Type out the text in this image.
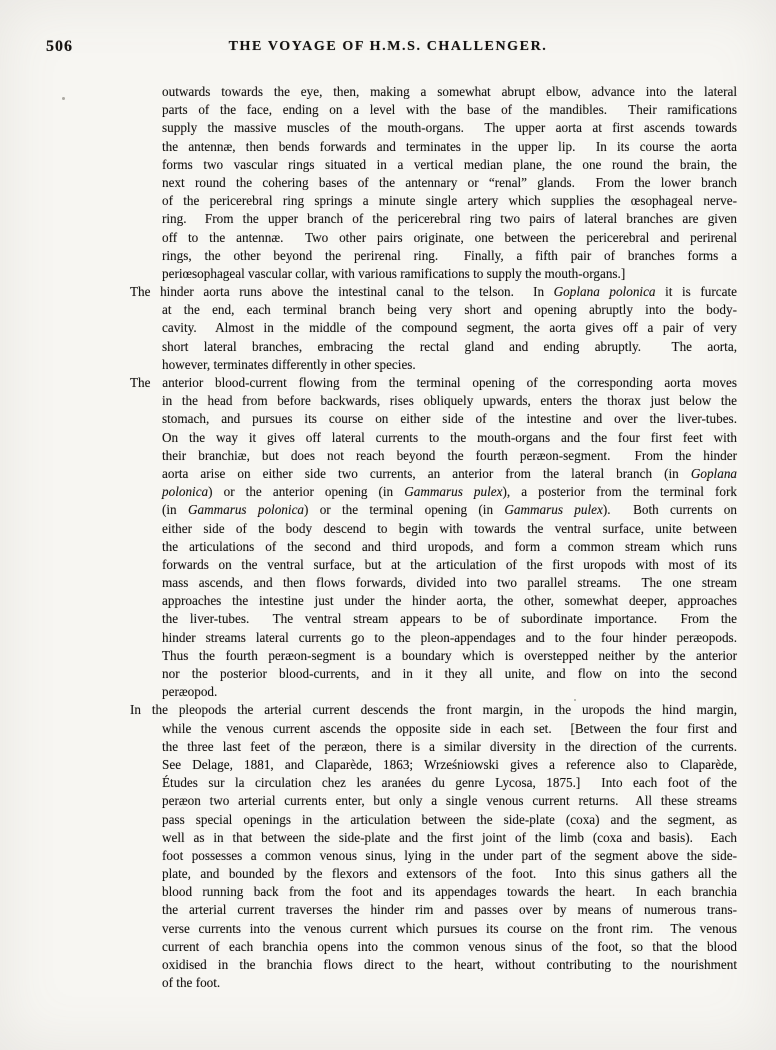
506	THE VOYAGE OF H.M.S. CHALLENGER.
outwards towards the eye, then, making a somewhat abrupt elbow, advance into the lateral
parts of the face, ending on a level with the base of the mandibles.  Their ramifications
supply the massive muscles of the mouth-organs.  The upper aorta at first ascends towards
the antennæ, then bends forwards and terminates in the upper lip.  In its course the aorta
forms two vascular rings situated in a vertical median plane, the one round the brain, the
next round the cohering bases of the antennary or “renal” glands.  From the lower branch
of the pericerebral ring springs a minute single artery which supplies the œsophageal nerve-
ring.  From the upper branch of the pericerebral ring two pairs of lateral branches are given
off to the antennæ.  Two other pairs originate, one between the pericerebral and perirenal
rings, the other beyond the perirenal ring.  Finally, a fifth pair of branches forms a
periœsophageal vascular collar, with various ramifications to supply the mouth-organs.]
The hinder aorta runs above the intestinal canal to the telson.  In Goplana polonica it is furcate
at the end, each terminal branch being very short and opening abruptly into the body-
cavity.  Almost in the middle of the compound segment, the aorta gives off a pair of very
short lateral branches, embracing the rectal gland and ending abruptly.  The aorta,
however, terminates differently in other species.
The anterior blood-current flowing from the terminal opening of the corresponding aorta moves
in the head from before backwards, rises obliquely upwards, enters the thorax just below the
stomach, and pursues its course on either side of the intestine and over the liver-tubes.
On the way it gives off lateral currents to the mouth-organs and the four first feet with
their branchiæ, but does not reach beyond the fourth peræon-segment.  From the hinder
aorta arise on either side two currents, an anterior from the lateral branch (in Goplana
polonica) or the anterior opening (in Gammarus pulex), a posterior from the terminal fork
(in Gammarus polonica) or the terminal opening (in Gammarus pulex).  Both currents on
either side of the body descend to begin with towards the ventral surface, unite between
the articulations of the second and third uropods, and form a common stream which runs
forwards on the ventral surface, but at the articulation of the first uropods with most of its
mass ascends, and then flows forwards, divided into two parallel streams.  The one stream
approaches the intestine just under the hinder aorta, the other, somewhat deeper, approaches
the liver-tubes.  The ventral stream appears to be of subordinate importance.  From the
hinder streams lateral currents go to the pleon-appendages and to the four hinder peræopods.
Thus the fourth peræon-segment is a boundary which is overstepped neither by the anterior
nor the posterior blood-currents, and in it they all unite, and flow on into the second
peræopod.
In the pleopods the arterial current descends the front margin, in the uropods the hind margin,
while the venous current ascends the opposite side in each set.  [Between the four first and
the three last feet of the peræon, there is a similar diversity in the direction of the currents.
See Delage, 1881, and Claparède, 1863; Wrześniowski gives a reference also to Claparède,
Études sur la circulation chez les aranées du genre Lycosa, 1875.]  Into each foot of the
peræon two arterial currents enter, but only a single venous current returns.  All these streams
pass special openings in the articulation between the side-plate (coxa) and the segment, as
well as in that between the side-plate and the first joint of the limb (coxa and basis).  Each
foot possesses a common venous sinus, lying in the under part of the segment above the side-
plate, and bounded by the flexors and extensors of the foot.  Into this sinus gathers all the
blood running back from the foot and its appendages towards the heart.  In each branchia
the arterial current traverses the hinder rim and passes over by means of numerous trans-
verse currents into the venous current which pursues its course on the front rim.  The venous
current of each branchia opens into the common venous sinus of the foot, so that the blood
oxidised in the branchia flows direct to the heart, without contributing to the nourishment
of the foot.
